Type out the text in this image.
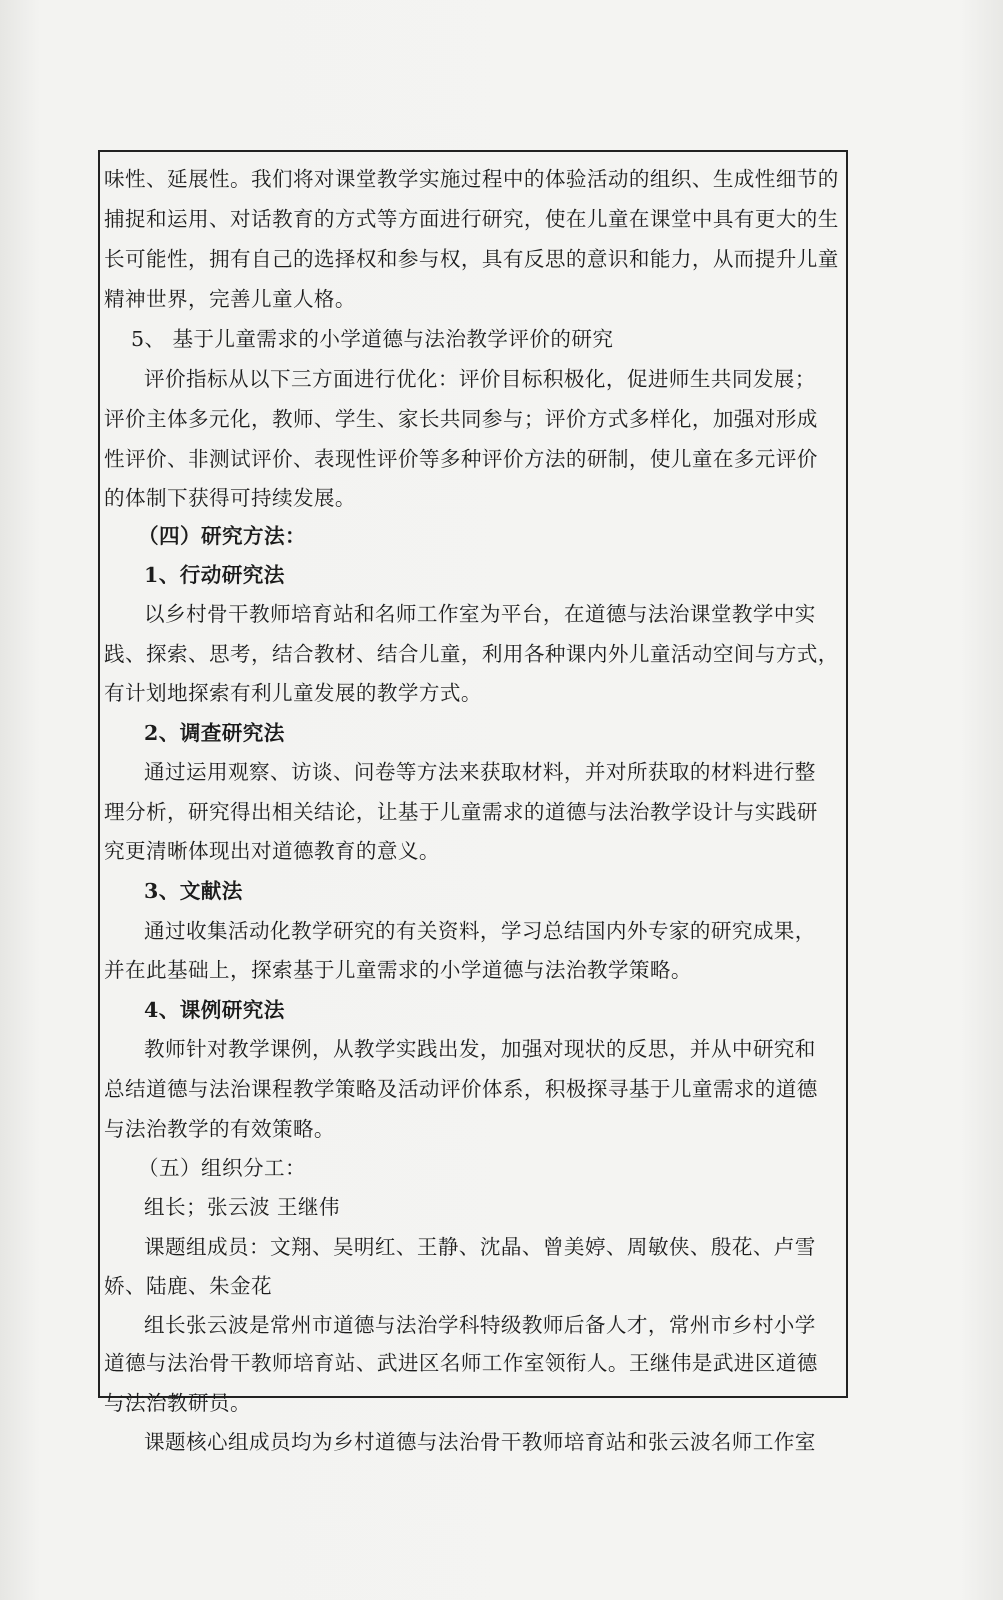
味性、延展性。我们将对课堂教学实施过程中的体验活动的组织、生成性细节的
捕捉和运用、对话教育的方式等方面进行研究，使在儿童在课堂中具有更大的生
长可能性，拥有自己的选择权和参与权，具有反思的意识和能力，从而提升儿童
精神世界，完善儿童人格。
5、 基于儿童需求的小学道德与法治教学评价的研究
评价指标从以下三方面进行优化：评价目标积极化，促进师生共同发展；
评价主体多元化，教师、学生、家长共同参与；评价方式多样化，加强对形成
性评价、非测试评价、表现性评价等多种评价方法的研制，使儿童在多元评价
的体制下获得可持续发展。
（四）研究方法：
1、行动研究法
以乡村骨干教师培育站和名师工作室为平台，在道德与法治课堂教学中实
践、探索、思考，结合教材、结合儿童，利用各种课内外儿童活动空间与方式，
有计划地探索有利儿童发展的教学方式。
2、调查研究法
通过运用观察、访谈、问卷等方法来获取材料，并对所获取的材料进行整
理分析，研究得出相关结论，让基于儿童需求的道德与法治教学设计与实践研
究更清晰体现出对道德教育的意义。
3、文献法
通过收集活动化教学研究的有关资料，学习总结国内外专家的研究成果，
并在此基础上，探索基于儿童需求的小学道德与法治教学策略。
4、课例研究法
教师针对教学课例，从教学实践出发，加强对现状的反思，并从中研究和
总结道德与法治课程教学策略及活动评价体系，积极探寻基于儿童需求的道德
与法治教学的有效策略。
（五）组织分工：
组长；张云波 王继伟
课题组成员：文翔、吴明红、王静、沈晶、曾美婷、周敏侠、殷花、卢雪
娇、陆鹿、朱金花
组长张云波是常州市道德与法治学科特级教师后备人才，常州市乡村小学
道德与法治骨干教师培育站、武进区名师工作室领衔人。王继伟是武进区道德
与法治教研员。
课题核心组成员均为乡村道德与法治骨干教师培育站和张云波名师工作室
